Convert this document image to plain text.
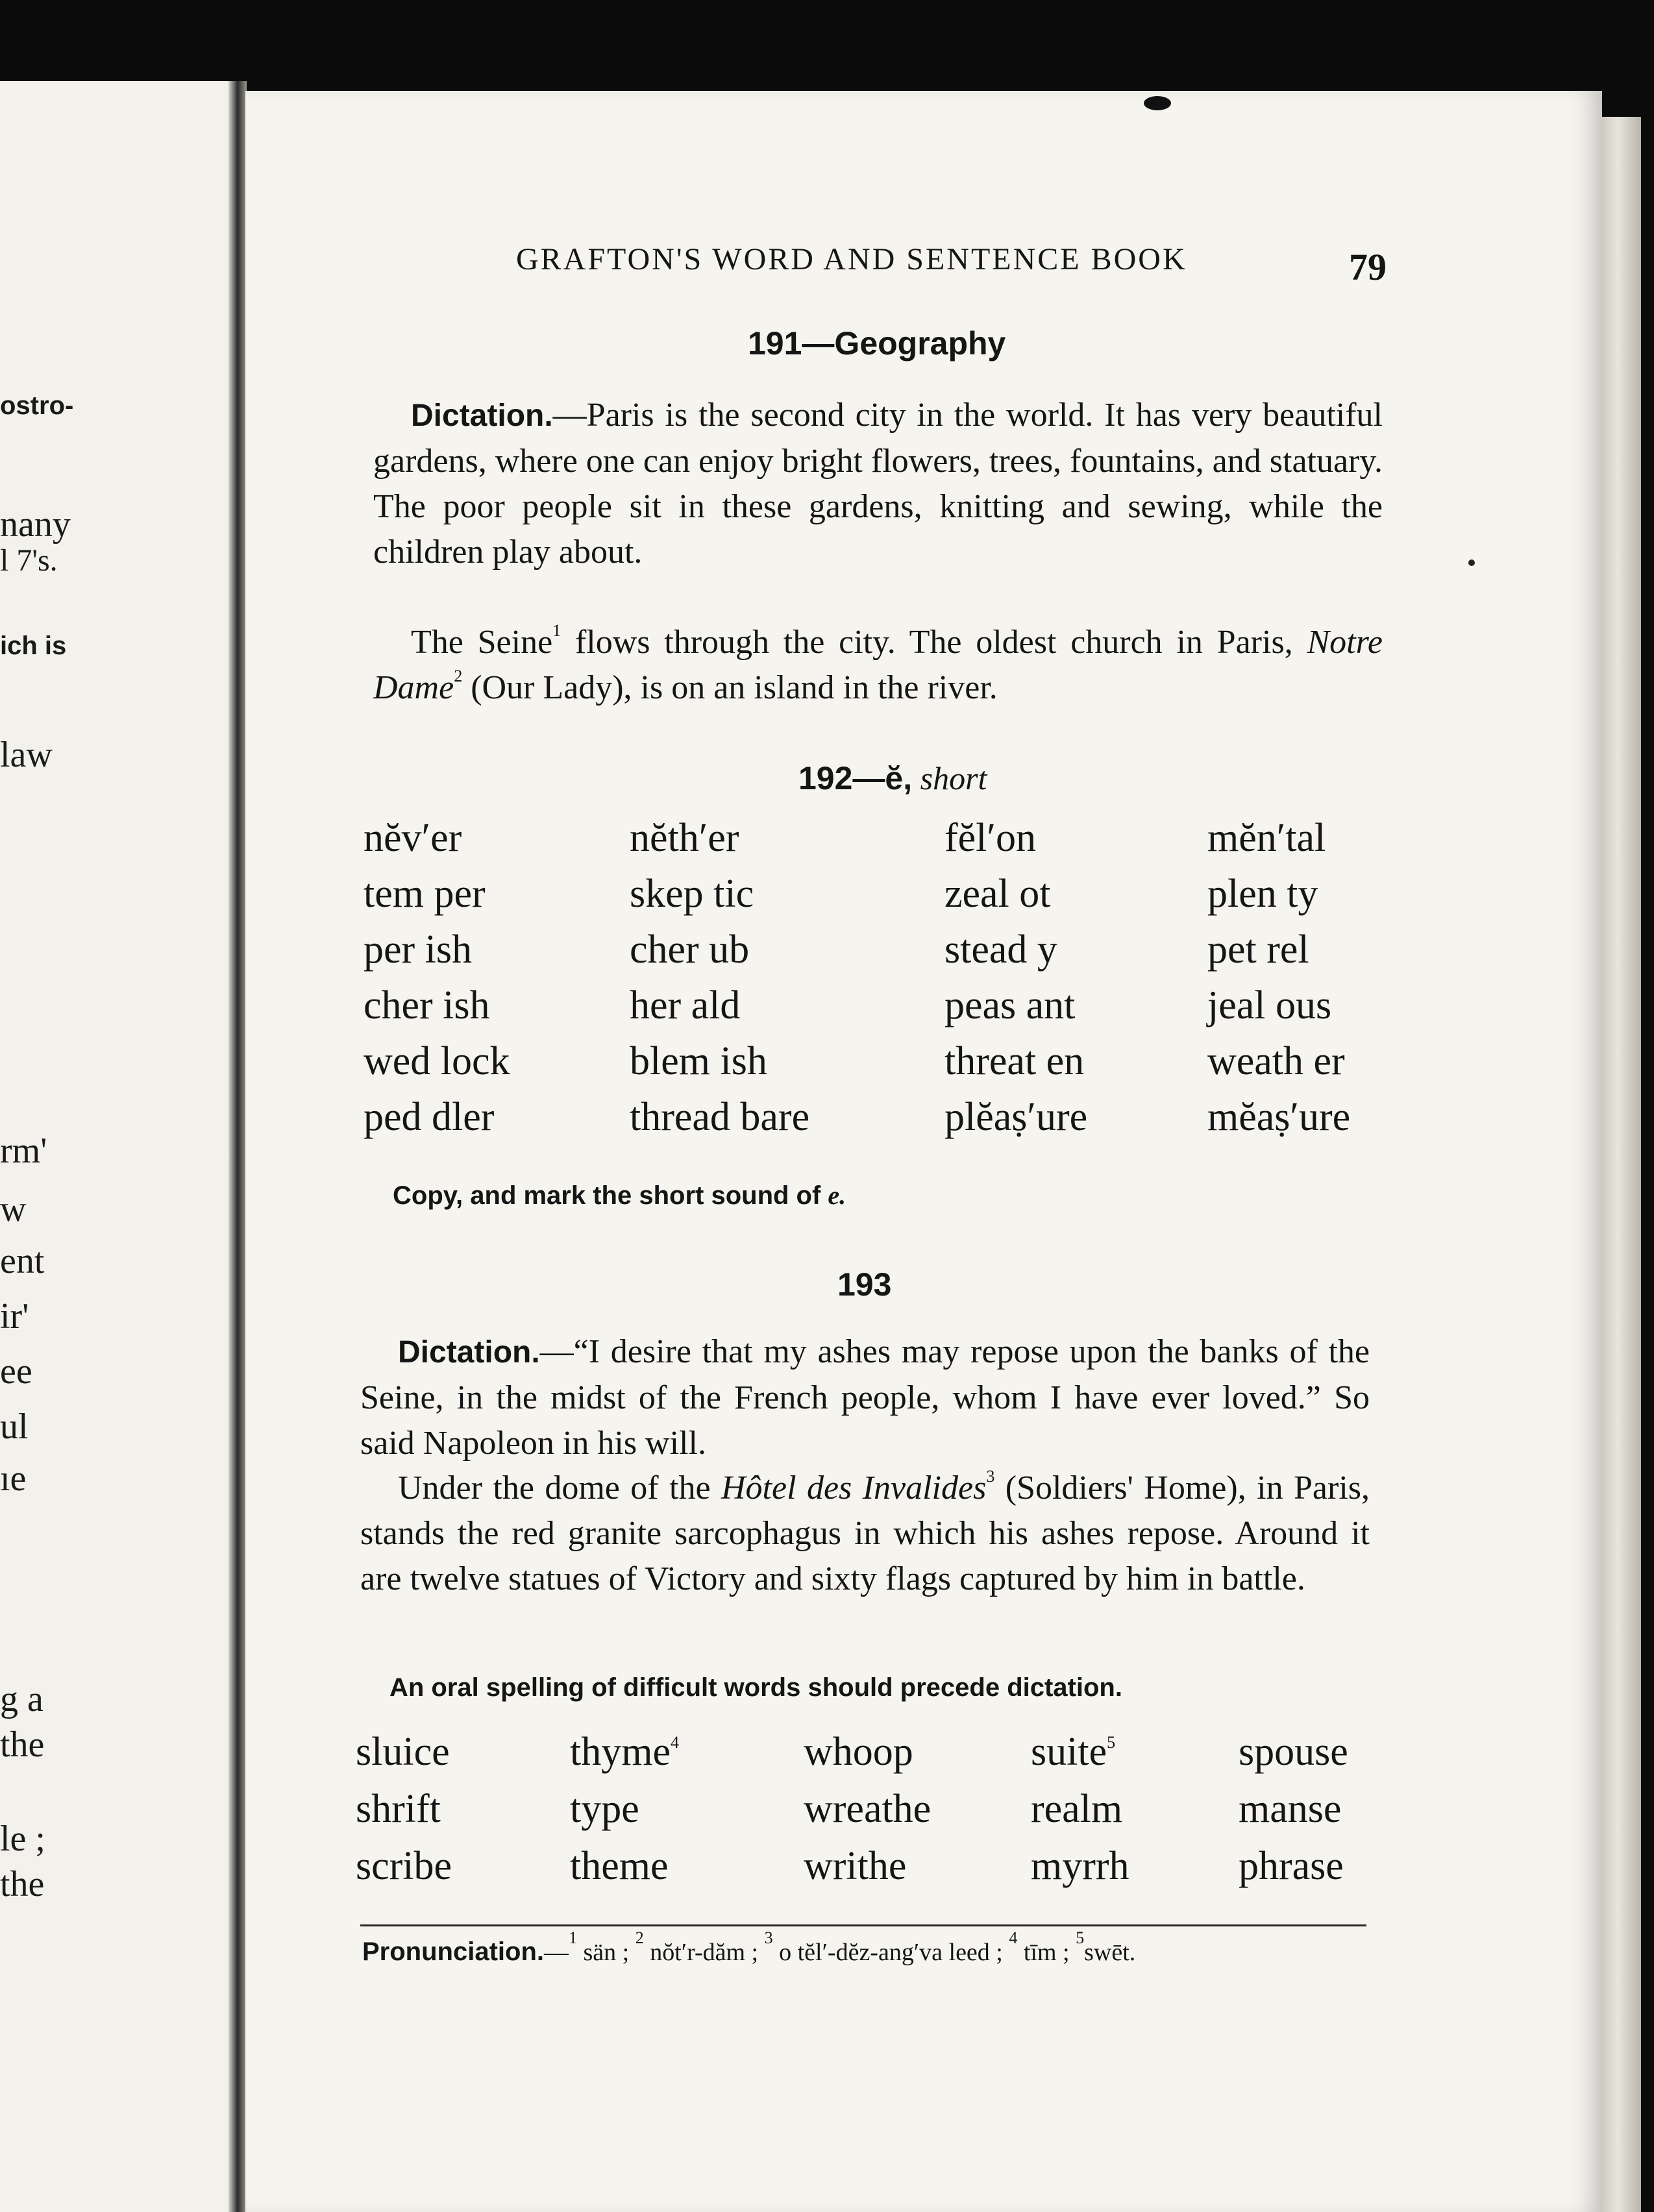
ostro-
nany
l 7's.
ich is
law
rm'
w
ent
ir'
ee
ul
ıe
g a
the
le ;
the
GRAFTON'S WORD AND SENTENCE BOOK	79
191—Geography
Dictation.—Paris is the second city in the world. It has very beautiful gardens, where one can enjoy bright flowers, trees, fountains, and statuary. The poor people sit in these gardens, knitting and sewing, while the children play about.
The Seine$^1$ flows through the city. The oldest church in Paris, Notre Dame$^2$ (Our Lady), is on an island in the river.
192—ĕ, short
nĕv′er	nĕth′er	fĕl′on	mĕn′tal
tem per	skep tic	zeal ot	plen ty
per ish	cher ub	stead y	pet rel
cher ish	her ald	peas ant	jeal ous
wed lock	blem ish	threat en	weath er
ped dler	thread bare	plĕaṣ′ure	mĕaṣ′ure
Copy, and mark the short sound of e.
193
Dictation.—“I desire that my ashes may repose upon the banks of the Seine, in the midst of the French people, whom I have ever loved.” So said Napoleon in his will.
Under the dome of the Hôtel des Invalides$^3$ (Soldiers' Home), in Paris, stands the red granite sarcophagus in which his ashes repose. Around it are twelve statues of Victory and sixty flags captured by him in battle.
An oral spelling of difficult words should precede dictation.
sluice	thyme$^4$	whoop	suite$^5$	spouse
shrift	type	wreathe	realm	manse
scribe	theme	writhe	myrrh	phrase
Pronunciation.—$^1$ sän ; $^2$ nŏt′r-dăm ; $^3$ o tĕl′-dĕz-ang′va leed ; $^4$ tīm ; $^5$swēt.
